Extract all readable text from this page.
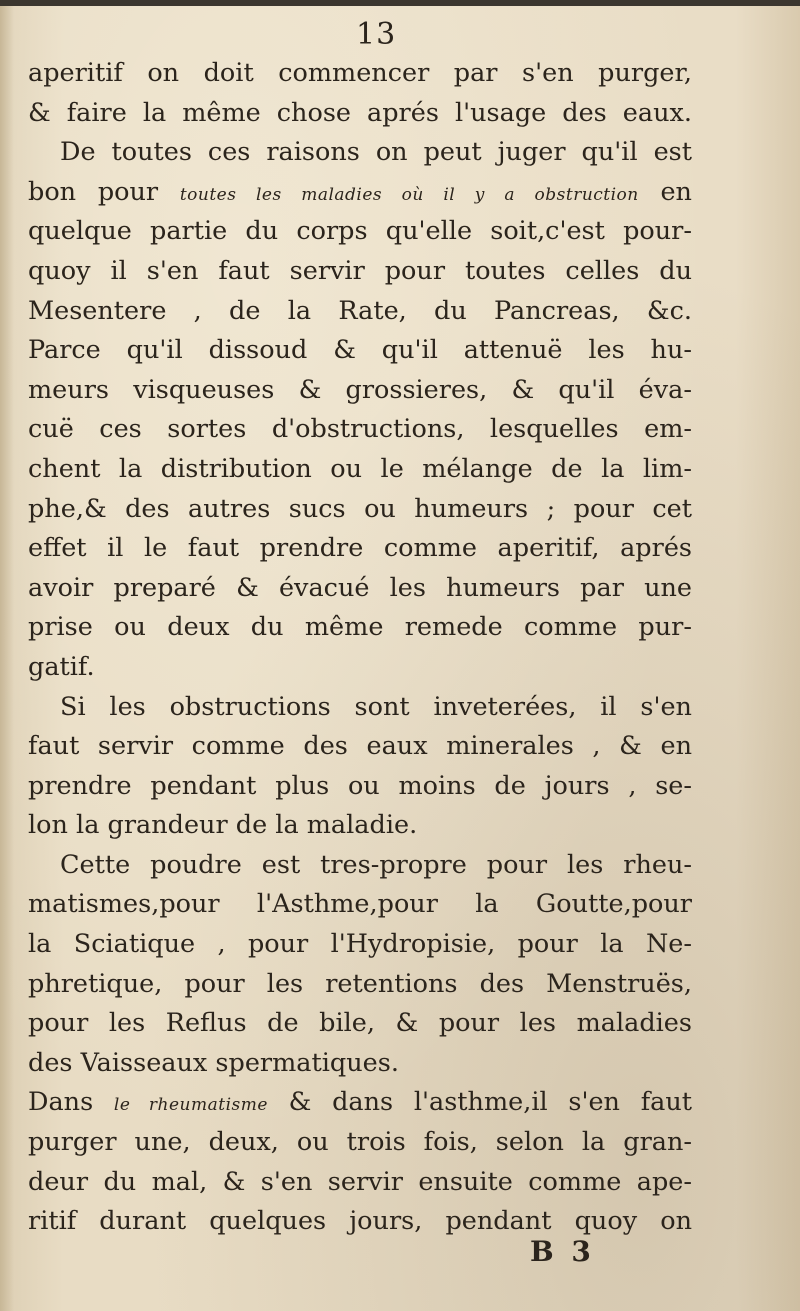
13
aperitif on doit commencer par s'en purger,
& faire la même chose aprés l'usage des eaux.
De toutes ces raisons on peut juger qu'il est
bon pour toutes les maladies où il y a obstruction en
quelque partie du corps qu'elle soit,c'est pour-
quoy il s'en faut servir pour toutes celles du
Mesentere , de la Rate, du Pancreas, &c.
Parce qu'il dissoud & qu'il attenuë les hu-
meurs visqueuses & grossieres, & qu'il éva-
cuë ces sortes d'obstructions, lesquelles em-
chent la distribution ou le mélange de la lim-
phe,& des autres sucs ou humeurs ; pour cet
effet il le faut prendre comme aperitif, aprés
avoir preparé & évacué les humeurs par une
prise ou deux du même remede comme pur-
gatif.
Si les obstructions sont inveterées, il s'en
faut servir comme des eaux minerales , & en
prendre pendant plus ou moins de jours , se-
lon la grandeur de la maladie.
Cette poudre est tres-propre pour les rheu-
matismes,pour l'Asthme,pour la Goutte,pour
la Sciatique , pour l'Hydropisie, pour la Ne-
phretique, pour les retentions des Menstruës,
pour les Reflus de bile, & pour les maladies
des Vaisseaux spermatiques.
Dans le rheumatisme & dans l'asthme,il s'en faut
purger une, deux, ou trois fois, selon la gran-
deur du mal, & s'en servir ensuite comme ape-
ritif durant quelques jours, pendant quoy on
B 3
